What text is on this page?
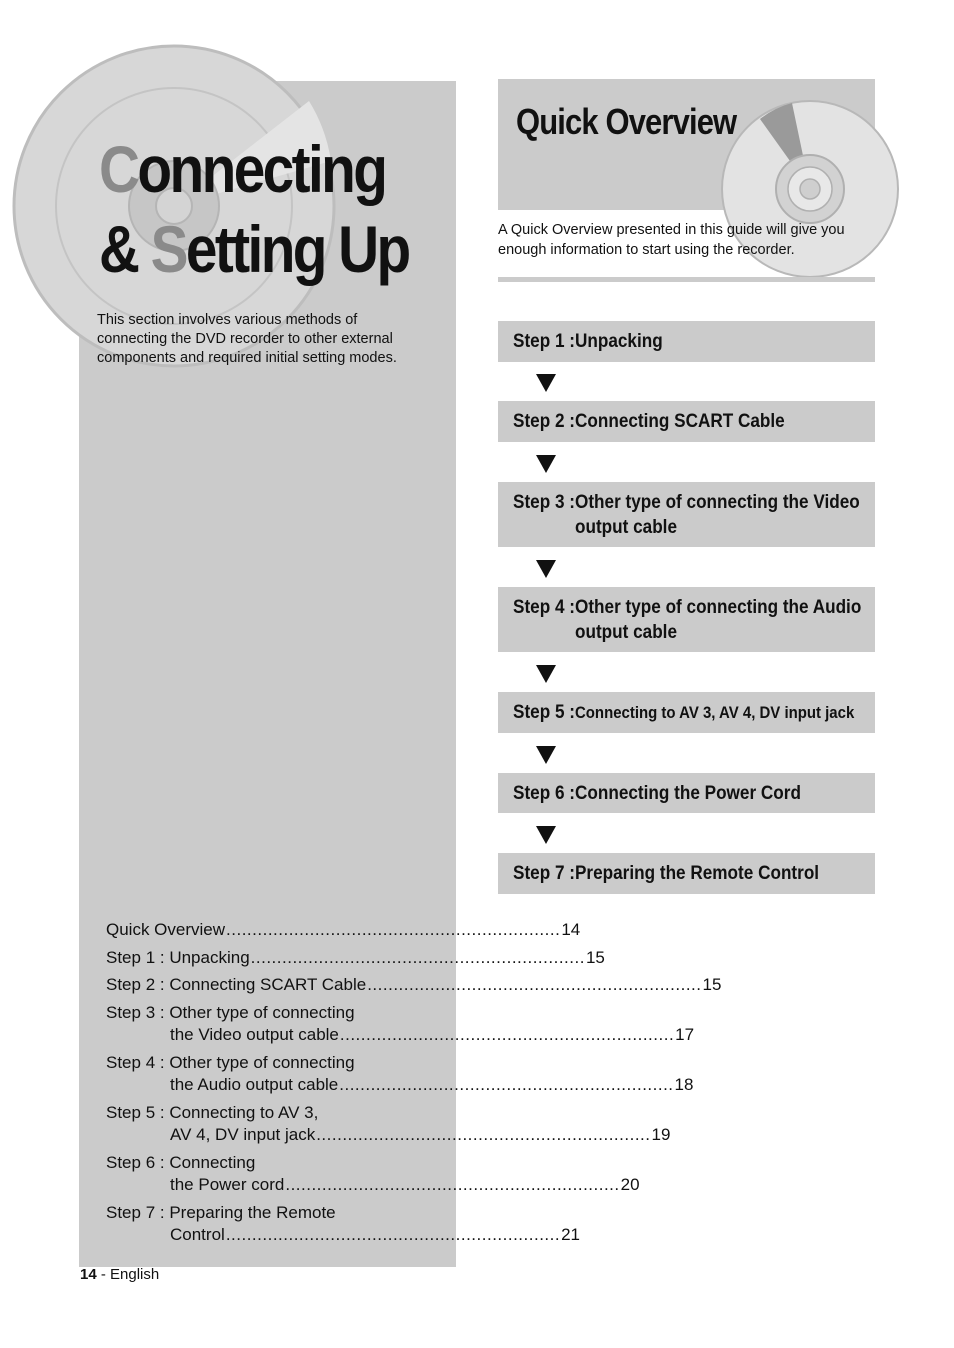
Connecting
& Setting Up
This section involves various methods of
connecting the DVD recorder to other external
components and required initial setting modes.
Quick Overview ................................................................ 14
Step 1 : Unpacking ................................................................ 15
Step 2 : Connecting SCART Cable ................................................................ 15
Step 3 : Other type of connecting
the Video output cable ................................................................ 17
Step 4 : Other type of connecting
the Audio output cable ................................................................ 18
Step 5 : Connecting to AV 3,
AV 4, DV input jack ................................................................ 19
Step 6 : Connecting
the Power cord ................................................................ 20
Step 7 : Preparing the Remote
Control ................................................................ 21
14 - English
Quick Overview
A Quick Overview presented in this guide will give you
enough information to start using the recorder.
Step 1 : Unpacking
Step 2 : Connecting SCART Cable
Step 3 : Other type of connecting the Video output cable
Step 4 : Other type of connecting the Audio output cable
Step 5 : Connecting to AV 3, AV 4, DV input jack
Step 6 : Connecting the Power Cord
Step 7 : Preparing the Remote Control
